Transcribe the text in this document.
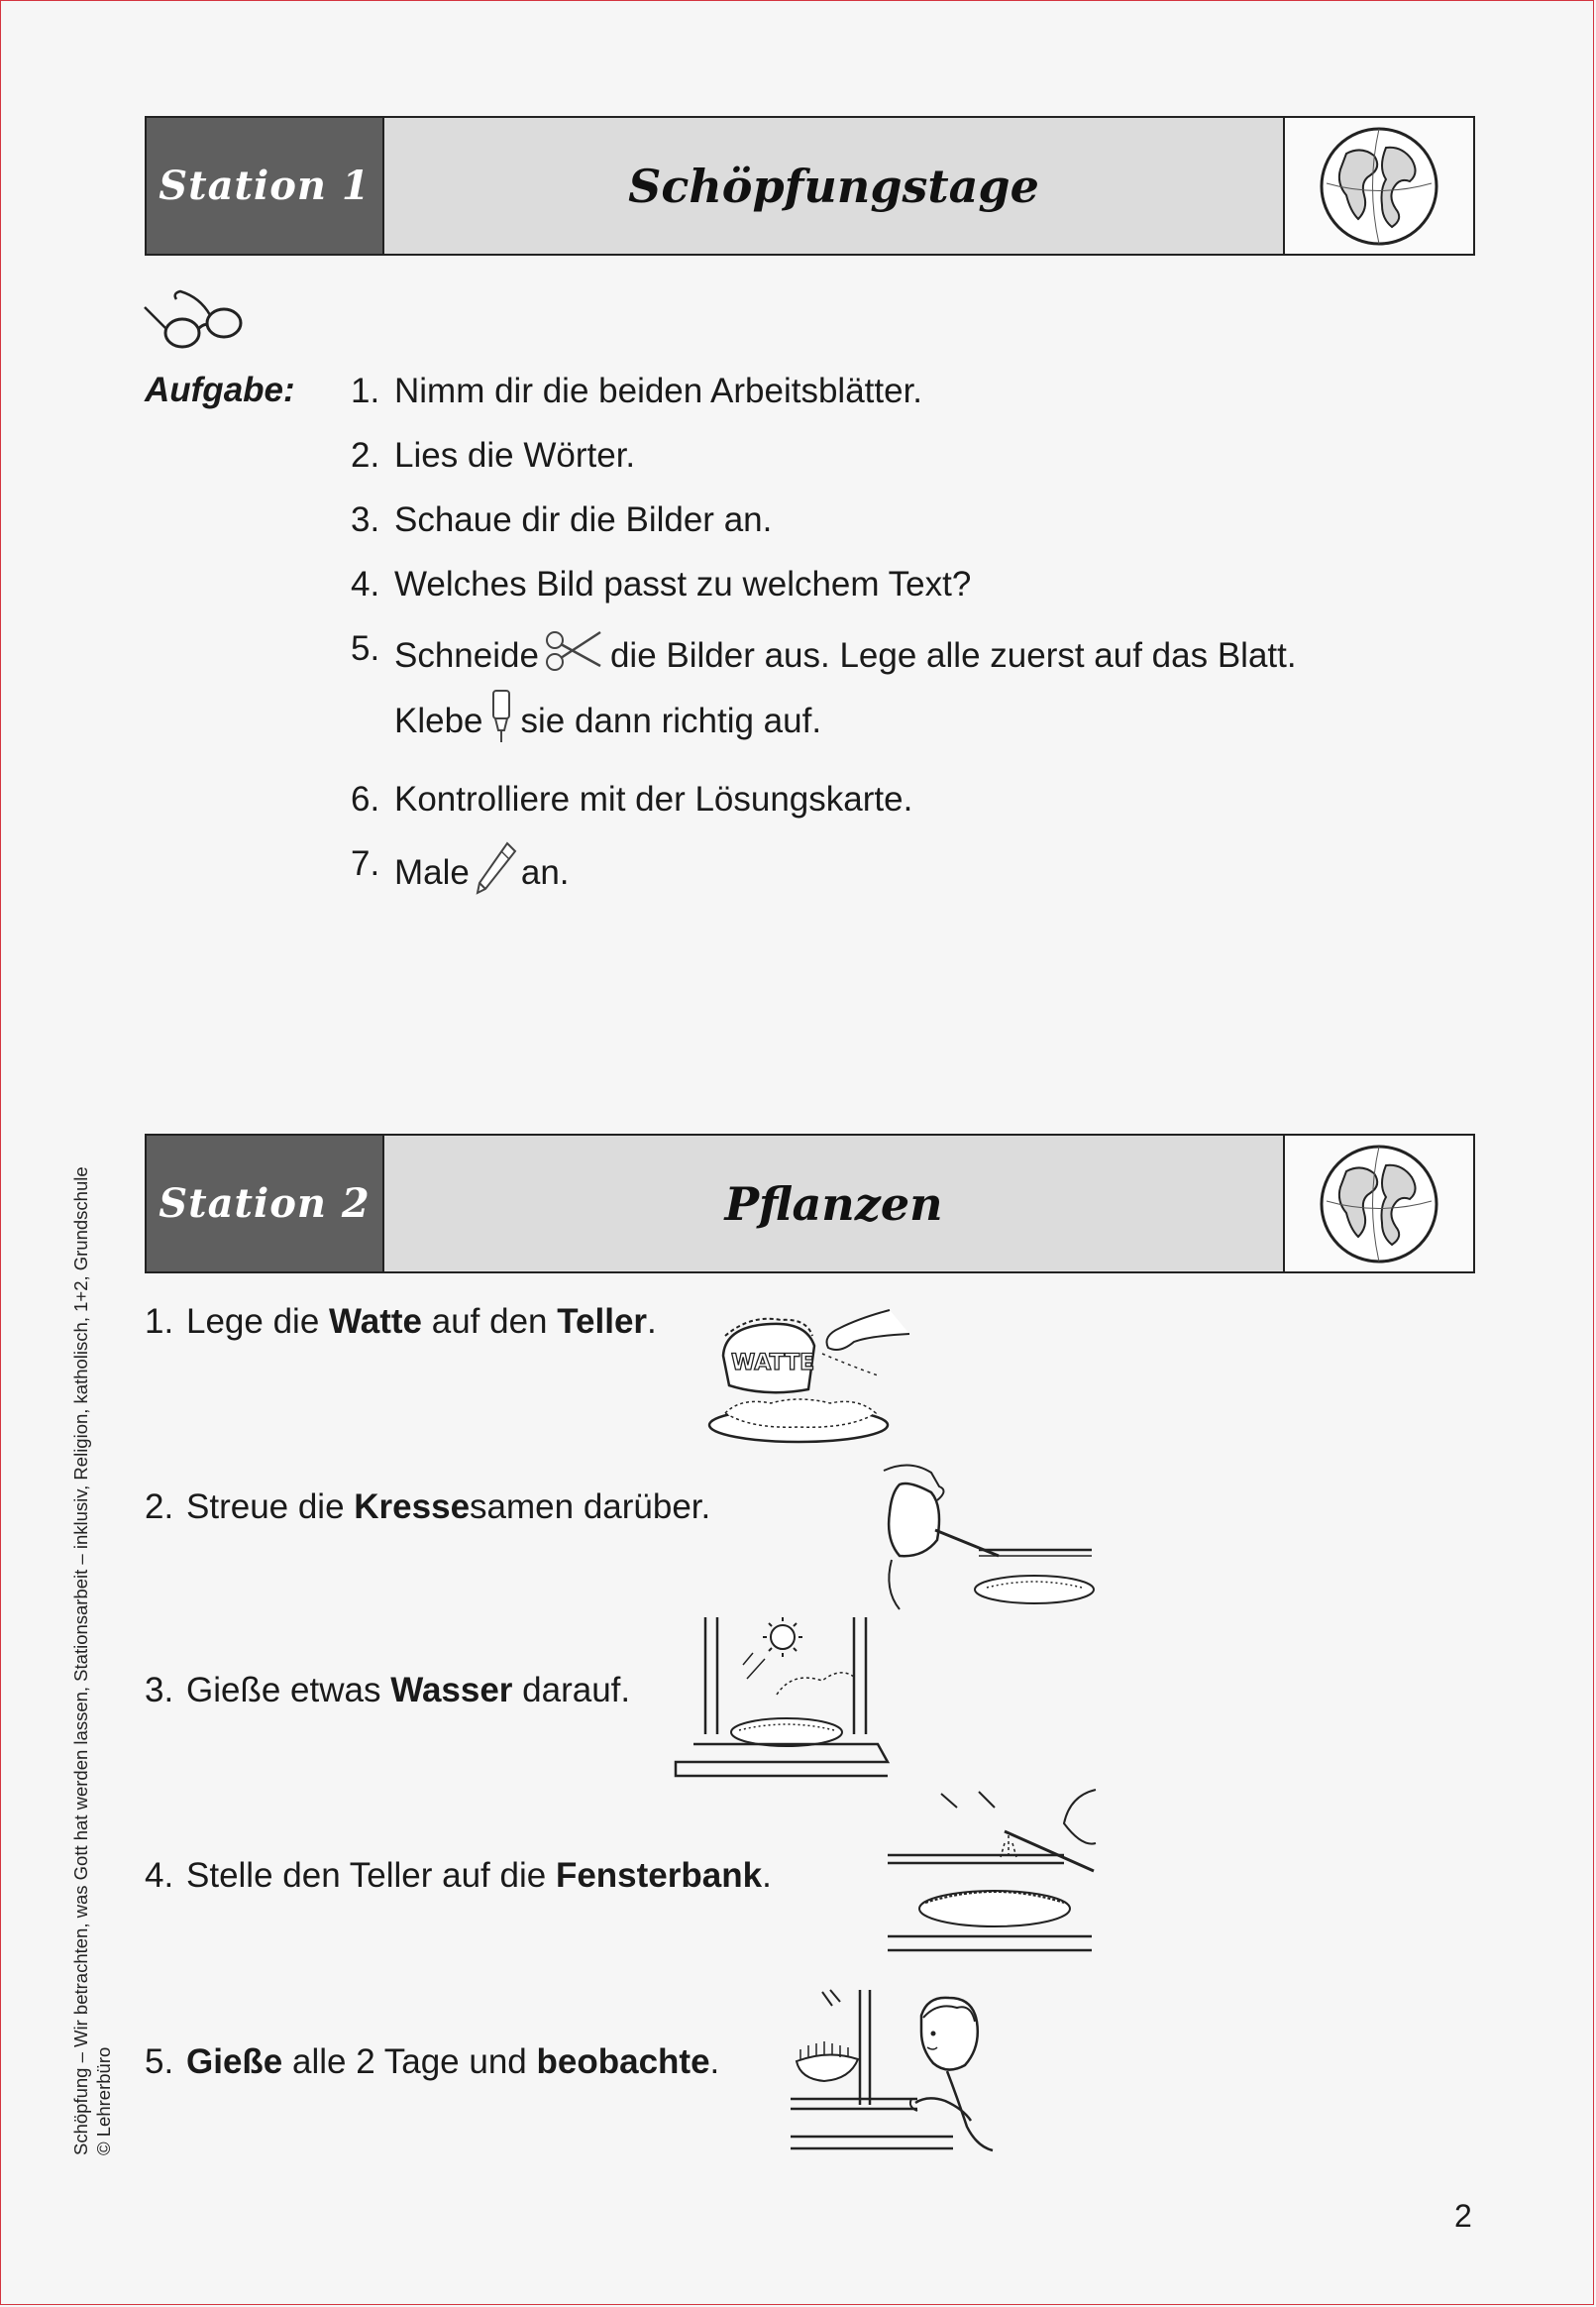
Station 1	Schöpfungstage
Aufgabe: 1. Nimm dir die beiden Arbeitsblätter.
2. Lies die Wörter.
3. Schaue dir die Bilder an.
4. Welches Bild passt zu welchem Text?
5. Schneide die Bilder aus. Lege alle zuerst auf das Blatt.
Klebe sie dann richtig auf.
6. Kontrolliere mit der Lösungskarte.
7. Male an.
Station 2	Pflanzen
1. Lege die Watte auf den Teller.
WATTE
2. Streue die Kressesamen darüber.
3. Gieße etwas Wasser darauf.
4. Stelle den Teller auf die Fensterbank.
5. Gieße alle 2 Tage und beobachte.
Schöpfung – Wir betrachten, was Gott hat werden lassen, Stationsarbeit – inklusiv, Religion, katholisch, 1+2, Grundschule © Lehrerbüro
2
